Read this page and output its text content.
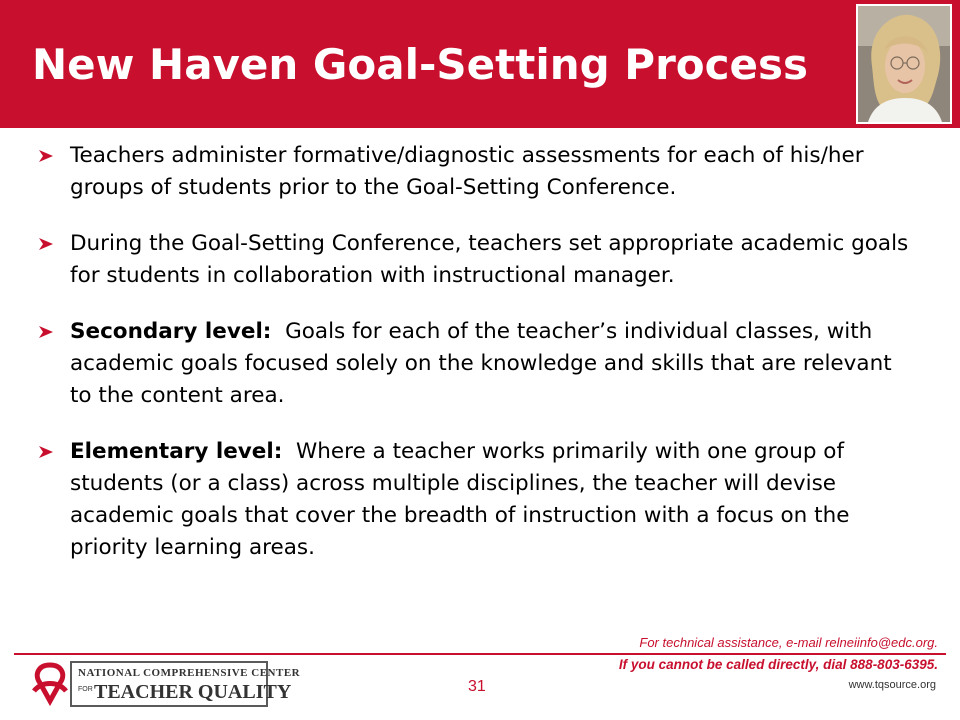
New Haven Goal-Setting Process
Teachers administer formative/diagnostic assessments for each of his/her groups of students prior to the Goal-Setting Conference.
During the Goal-Setting Conference, teachers set appropriate academic goals for students in collaboration with instructional manager.
Secondary level: Goals for each of the teacher’s individual classes, with academic goals focused solely on the knowledge and skills that are relevant to the content area.
Elementary level: Where a teacher works primarily with one group of students (or a class) across multiple disciplines, the teacher will devise academic goals that cover the breadth of instruction with a focus on the priority learning areas.
For technical assistance, e-mail relneiinfo@edc.org.
NATIONAL COMPREHENSIVE CENTER
FOR TEACHER QUALITY	31
If you cannot be called directly, dial 888-803-6395.
www.tqsource.org
